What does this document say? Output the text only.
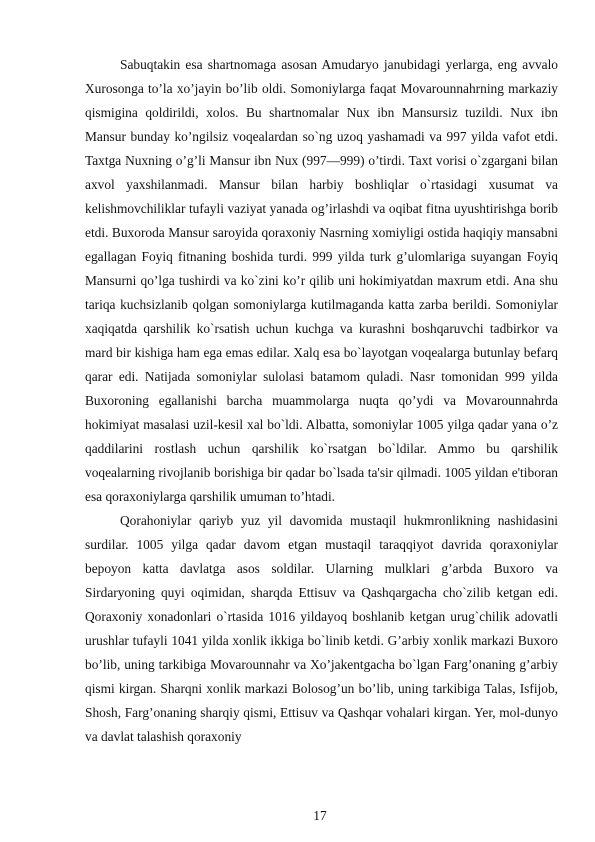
Sabuqtakin esa shartnomaga asosan Amudaryo janubidagi yerlarga, eng avvalo Xurosonga to’la xo’jayin bo’lib oldi. Somoniylarga faqat Movarounnahrning markaziy qismigina qoldirildi, xolos. Bu shartnomalar Nux ibn Mansursiz tuzildi. Nux ibn Mansur bunday ko’ngilsiz voqealardan so`ng uzoq yashamadi va 997 yilda vafot etdi. Taxtga Nuxning o’g’li Mansur ibn Nux (997—999) o’tirdi. Taxt vorisi o`zgargani bilan axvol yaxshilanmadi. Mansur bilan harbiy boshliqlar o`rtasidagi xusumat va kelishmovchiliklar tufayli vaziyat yanada og’irlashdi va oqibat fitna uyushtirishga borib etdi. Buxoroda Mansur saroyida qoraxoniy Nasrning xomiyligi ostida haqiqiy mansabni egallagan Foyiq fitnaning boshida turdi. 999 yilda turk g’ulomlariga suyangan Foyiq Mansurni qo’lga tushirdi va ko`zini ko’r qilib uni hokimiyatdan maxrum etdi. Ana shu tariqa kuchsizlanib qolgan somoniylarga kutilmaganda katta zarba berildi. Somoniylar xaqiqatda qarshilik ko`rsatish uchun kuchga va kurashni boshqaruvchi tadbirkor va mard bir kishiga ham ega emas edilar. Xalq esa bo`layotgan voqealarga butunlay befarq qarar edi. Natijada somoniylar sulolasi batamom quladi. Nasr tomonidan 999 yilda Buxoroning egallanishi barcha muammolarga nuqta qo’ydi va Movarounnahrda hokimiyat masalasi uzil-kesil xal bo`ldi. Albatta, somoniylar 1005 yilga qadar yana o’z qaddilarini rostlash uchun qarshilik ko`rsatgan bo`ldilar. Ammo bu qarshilik voqealarning rivojlanib borishiga bir qadar bo`lsada ta'sir qilmadi. 1005 yildan e'tiboran esa qoraxoniylarga qarshilik umuman to’htadi.

Qorahoniylar qariyb yuz yil davomida mustaqil hukmronlikning nashidasini surdilar. 1005 yilga qadar davom etgan mustaqil taraqqiyot davrida qoraxoniylar bepoyon katta davlatga asos soldilar. Ularning mulklari g’arbda Buxoro va Sirdaryoning quyi oqimidan, sharqda Ettisuv va Qashqargacha cho`zilib ketgan edi. Qoraxoniy xonadonlari o`rtasida 1016 yildayoq boshlanib ketgan urug`chilik adovatli urushlar tufayli 1041 yilda xonlik ikkiga bo`linib ketdi. G’arbiy xonlik markazi Buxoro bo’lib, uning tarkibiga Movarounnahr va Xo’jakentgacha bo`lgan Farg’onaning g’arbiy qismi kirgan. Sharqni xonlik markazi Bolosog’un bo’lib, uning tarkibiga Talas, Isfijob, Shosh, Farg’onaning sharqiy qismi, Ettisuv va Qashqar vohalari kirgan. Yer, mol-dunyo va davlat talashish qoraxoniy

17
